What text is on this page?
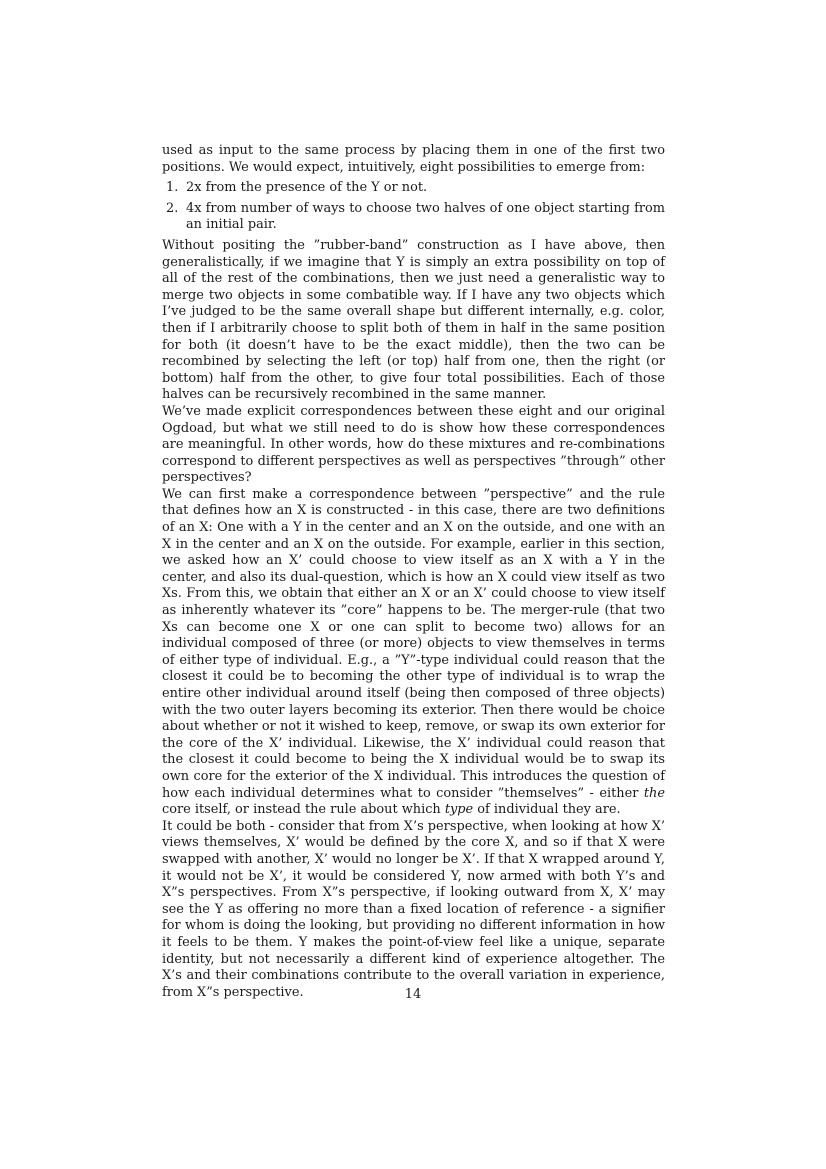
used as input to the same process by placing them in one of the first two positions. We would expect, intuitively, eight possibilities to emerge from:

1. 2x from the presence of the Y or not.
2. 4x from number of ways to choose two halves of one object starting from an initial pair.

Without positing the ”rubber-band” construction as I have above, then generalistically, if we imagine that Y is simply an extra possibility on top of all of the rest of the combinations, then we just need a generalistic way to merge two objects in some combatible way. If I have any two objects which I’ve judged to be the same overall shape but different internally, e.g. color, then if I arbitrarily choose to split both of them in half in the same position for both (it doesn’t have to be the exact middle), then the two can be recombined by selecting the left (or top) half from one, then the right (or bottom) half from the other, to give four total possibilities. Each of those halves can be recursively recombined in the same manner.

We’ve made explicit correspondences between these eight and our original Ogdoad, but what we still need to do is show how these correspondences are meaningful. In other words, how do these mixtures and re-combinations correspond to different perspectives as well as perspectives ”through” other perspectives?

We can first make a correspondence between ”perspective” and the rule that defines how an X is constructed - in this case, there are two definitions of an X: One with a Y in the center and an X on the outside, and one with an X in the center and an X on the outside. For example, earlier in this section, we asked how an X’ could choose to view itself as an X with a Y in the center, and also its dual-question, which is how an X could view itself as two Xs. From this, we obtain that either an X or an X’ could choose to view itself as inherently whatever its ”core” happens to be. The merger-rule (that two Xs can become one X or one can split to become two) allows for an individual composed of three (or more) objects to view themselves in terms of either type of individual. E.g., a ”Y”-type individual could reason that the closest it could be to becoming the other type of individual is to wrap the entire other individual around itself (being then composed of three objects) with the two outer layers becoming its exterior. Then there would be choice about whether or not it wished to keep, remove, or swap its own exterior for the core of the X’ individual. Likewise, the X’ individual could reason that the closest it could become to being the X individual would be to swap its own core for the exterior of the X individual. This introduces the question of how each individual determines what to consider ”themselves” - either the core itself, or instead the rule about which type of individual they are.

It could be both - consider that from X’s perspective, when looking at how X’ views themselves, X’ would be defined by the core X, and so if that X were swapped with another, X’ would no longer be X’. If that X wrapped around Y, it would not be X’, it would be considered Y, now armed with both Y’s and X”s perspectives. From X”s perspective, if looking outward from X, X’ may see the Y as offering no more than a fixed location of reference - a signifier for whom is doing the looking, but providing no different information in how it feels to be them. Y makes the point-of-view feel like a unique, separate identity, but not necessarily a different kind of experience altogether. The X’s and their combinations contribute to the overall variation in experience, from X”s perspective.	14
